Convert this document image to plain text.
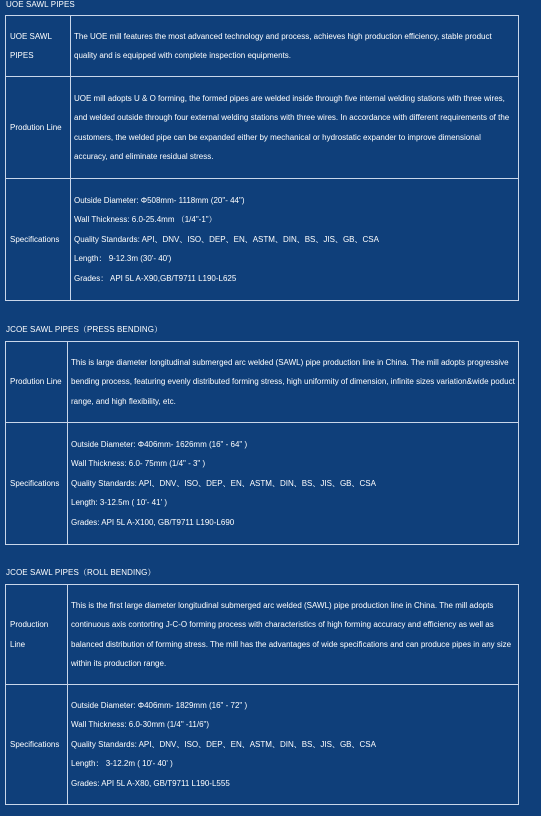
UOE SAWL PIPES
UOE SAWL PIPES	The UOE mill features the most advanced technology and process, achieves high production efficiency, stable product quality and is equipped with complete inspection equipments.
Prodution Line	UOE mill adopts U & O forming, the formed pipes are welded inside through five internal welding stations with three wires, and welded outside through four external welding stations with three wires. In accordance with different requirements of the customers, the welded pipe can be expanded either by mechanical or hydrostatic expander to improve dimensional accuracy, and eliminate residual stress.
Specifications	Outside Diameter: Φ508mm- 1118mm (20"- 44")
Wall Thickness: 6.0-25.4mm （1/4"-1"）
Quality Standards: API、DNV、ISO、DEP、EN、ASTM、DIN、BS、JIS、GB、CSA
Length： 9-12.3m (30'- 40')
Grades： API 5L A-X90,GB/T9711 L190-L625
JCOE SAWL PIPES（PRESS BENDING）
Prodution Line	This is large diameter longitudinal submerged arc welded (SAWL) pipe production line in China. The mill adopts progressive bending process, featuring evenly distributed forming stress, high uniformity of dimension, infinite sizes variation&wide poduct range, and high flexibility, etc.
Specifications	Outside Diameter: Φ406mm- 1626mm (16" - 64" )
Wall Thickness: 6.0- 75mm (1/4" - 3" )
Quality Standards: API、DNV、ISO、DEP、EN、ASTM、DIN、BS、JIS、GB、CSA
Length: 3-12.5m ( 10'- 41' )
Grades: API 5L A-X100, GB/T9711 L190-L690
JCOE SAWL PIPES（ROLL BENDING）
Production Line	This is the first large diameter longitudinal submerged arc welded (SAWL) pipe production line in China. The mill adopts continuous axis contorting J-C-O forming process with characteristics of high forming accuracy and efficiency as well as balanced distribution of forming stress. The mill has the advantages of wide specifications and can produce pipes in any size within its production range.
Specifications	Outside Diameter: Φ406mm- 1829mm (16" - 72" )
Wall Thickness: 6.0-30mm (1/4" -11/6")
Quality Standards: API、DNV、ISO、DEP、EN、ASTM、DIN、BS、JIS、GB、CSA
Length： 3-12.2m ( 10'- 40' )
Grades: API 5L A-X80, GB/T9711 L190-L555
